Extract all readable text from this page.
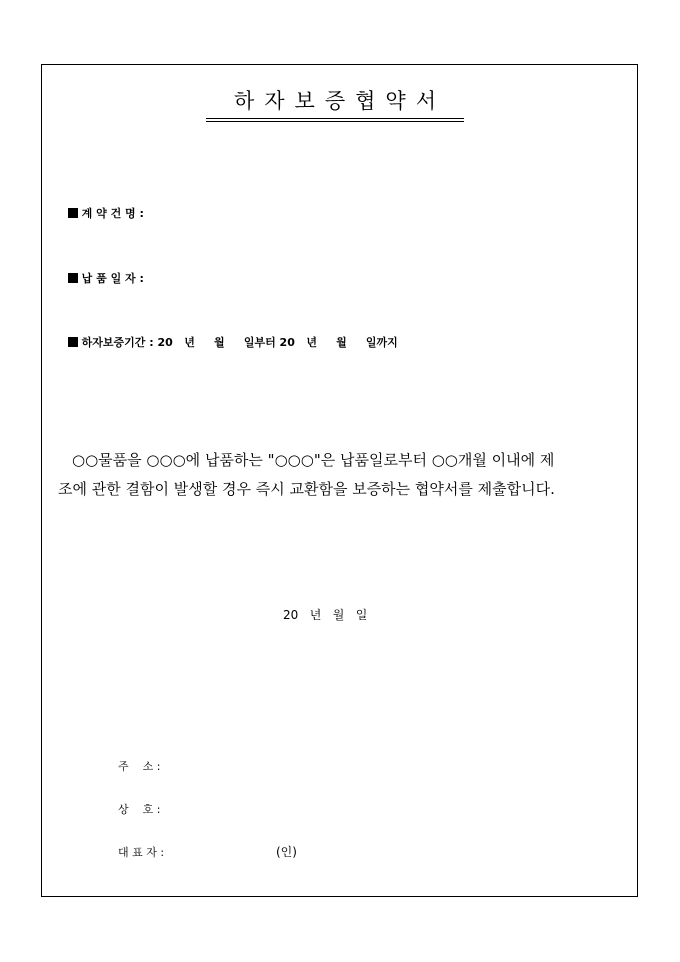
하자보증협약서

계 약 건 명 :

납 품 일 자 :

하자보증기간 : 20   년     월     일부터 20   년     월     일까지

○○물품을 ○○○에 납품하는 "○○○"은 납품일로부터 ○○개월 이내에 제
조에 관한 결함이 발생할 경우 즉시 교환함을 보증하는 협약서를 제출합니다.
20   년   월   일
주    소 :
상    호 :
대 표 자 :	(인)
